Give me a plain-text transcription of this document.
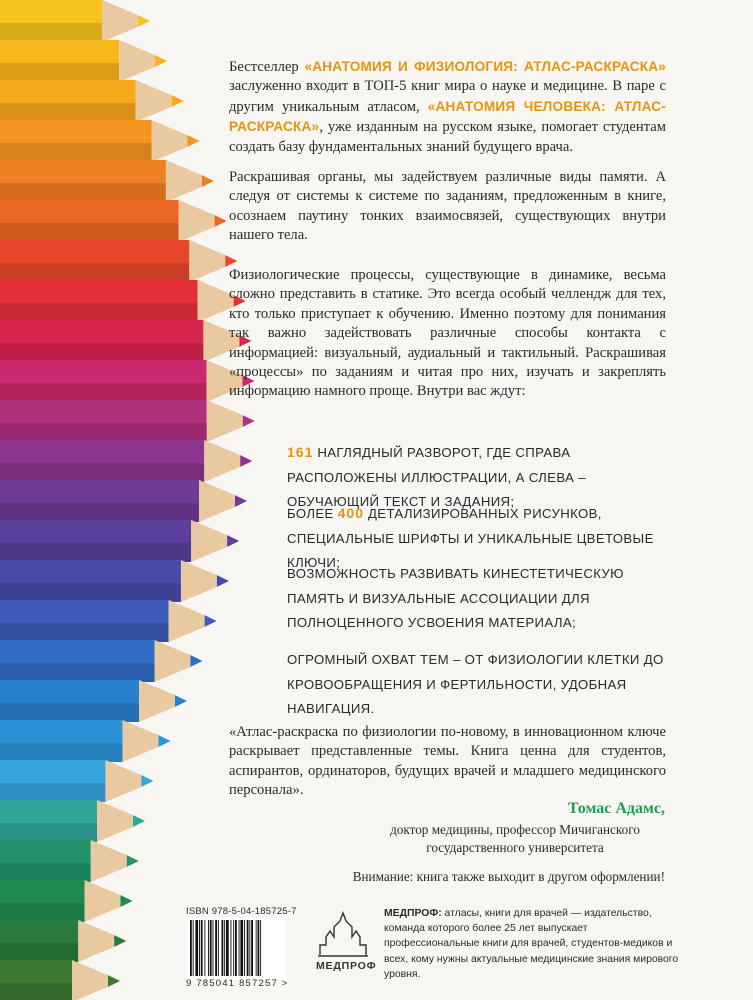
Бестселлер «АНАТОМИЯ И ФИЗИОЛОГИЯ: АТЛАС-РАСКРАСКА» заслуженно входит в ТОП-5 книг мира о науке и медицине. В паре с другим уникальным атласом, «АНАТОМИЯ ЧЕЛОВЕКА: АТЛАС-РАСКРАСКА», уже изданным на русском языке, помогает студентам создать базу фундаментальных знаний будущего врача.

Раскрашивая органы, мы задействуем различные виды памяти. А следуя от системы к системе по заданиям, предложенным в книге, осознаем паутину тонких взаимосвязей, существующих внутри нашего тела.

Физиологические процессы, существующие в динамике, весьма сложно представить в статике. Это всегда особый челлендж для тех, кто только приступает к обучению. Именно поэтому для понимания так важно задействовать различные способы контакта с информацией: визуальный, аудиальный и тактильный. Раскрашивая «процессы» по заданиям и читая про них, изучать и закреплять информацию намного проще. Внутри вас ждут:

161 НАГЛЯДНЫЙ РАЗВОРОТ, ГДЕ СПРАВА РАСПОЛОЖЕНЫ ИЛЛЮСТРАЦИИ, А СЛЕВА – ОБУЧАЮЩИЙ ТЕКСТ И ЗАДАНИЯ;

БОЛЕЕ 400 ДЕТАЛИЗИРОВАННЫХ РИСУНКОВ, СПЕЦИАЛЬНЫЕ ШРИФТЫ И УНИКАЛЬНЫЕ ЦВЕТОВЫЕ КЛЮЧИ;

ВОЗМОЖНОСТЬ РАЗВИВАТЬ КИНЕСТЕТИЧЕСКУЮ ПАМЯТЬ И ВИЗУАЛЬНЫЕ АССОЦИАЦИИ ДЛЯ ПОЛНОЦЕННОГО УСВОЕНИЯ МАТЕРИАЛА;

ОГРОМНЫЙ ОХВАТ ТЕМ – ОТ ФИЗИОЛОГИИ КЛЕТКИ ДО КРОВООБРАЩЕНИЯ И ФЕРТИЛЬНОСТИ, УДОБНАЯ НАВИГАЦИЯ.

«Атлас-раскраска по физиологии по-новому, в инновационном ключе раскрывает представленные темы. Книга ценна для студентов, аспирантов, ординаторов, будущих врачей и младшего медицинского персонала».

Томас Адамс,

доктор медицины, профессор Мичиганского государственного университета

Внимание: книга также выходит в другом оформлении!

ISBN 978-5-04-185725-7
9 785041 857257 >
МЕДПРОФ

МЕДПРОФ: атласы, книги для врачей — издательство, команда которого более 25 лет выпускает профессиональные книги для врачей, студентов-медиков и всех, кому нужны актуальные медицинские знания мирового уровня.
